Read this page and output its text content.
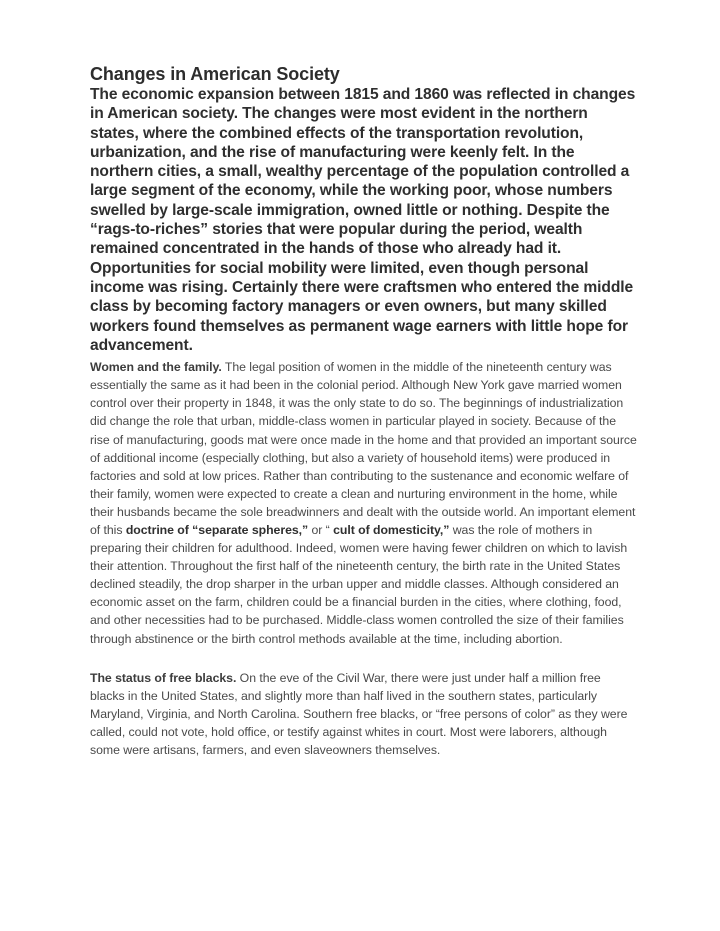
Changes in American Society

The economic expansion between 1815 and 1860 was reflected in changes in American society. The changes were most evident in the northern states, where the combined effects of the transportation revolution, urbanization, and the rise of manufacturing were keenly felt. In the northern cities, a small, wealthy percentage of the population controlled a large segment of the economy, while the working poor, whose numbers swelled by large-scale immigration, owned little or nothing. Despite the “rags-to-riches” stories that were popular during the period, wealth remained concentrated in the hands of those who already had it. Opportunities for social mobility were limited, even though personal income was rising. Certainly there were craftsmen who entered the middle class by becoming factory managers or even owners, but many skilled workers found themselves as permanent wage earners with little hope for advancement.

Women and the family. The legal position of women in the middle of the nineteenth century was essentially the same as it had been in the colonial period. Although New York gave married women control over their property in 1848, it was the only state to do so. The beginnings of industrialization did change the role that urban, middle-class women in particular played in society. Because of the rise of manufacturing, goods mat were once made in the home and that provided an important source of additional income (especially clothing, but also a variety of household items) were produced in factories and sold at low prices. Rather than contributing to the sustenance and economic welfare of their family, women were expected to create a clean and nurturing environment in the home, while their husbands became the sole breadwinners and dealt with the outside world. An important element of this doctrine of “separate spheres,” or “ cult of domesticity,” was the role of mothers in preparing their children for adulthood. Indeed, women were having fewer children on which to lavish their attention. Throughout the first half of the nineteenth century, the birth rate in the United States declined steadily, the drop sharper in the urban upper and middle classes. Although considered an economic asset on the farm, children could be a financial burden in the cities, where clothing, food, and other necessities had to be purchased. Middle-class women controlled the size of their families through abstinence or the birth control methods available at the time, including abortion.

The status of free blacks. On the eve of the Civil War, there were just under half a million free blacks in the United States, and slightly more than half lived in the southern states, particularly Maryland, Virginia, and North Carolina. Southern free blacks, or “free persons of color” as they were called, could not vote, hold office, or testify against whites in court. Most were laborers, although some were artisans, farmers, and even slaveowners themselves.
